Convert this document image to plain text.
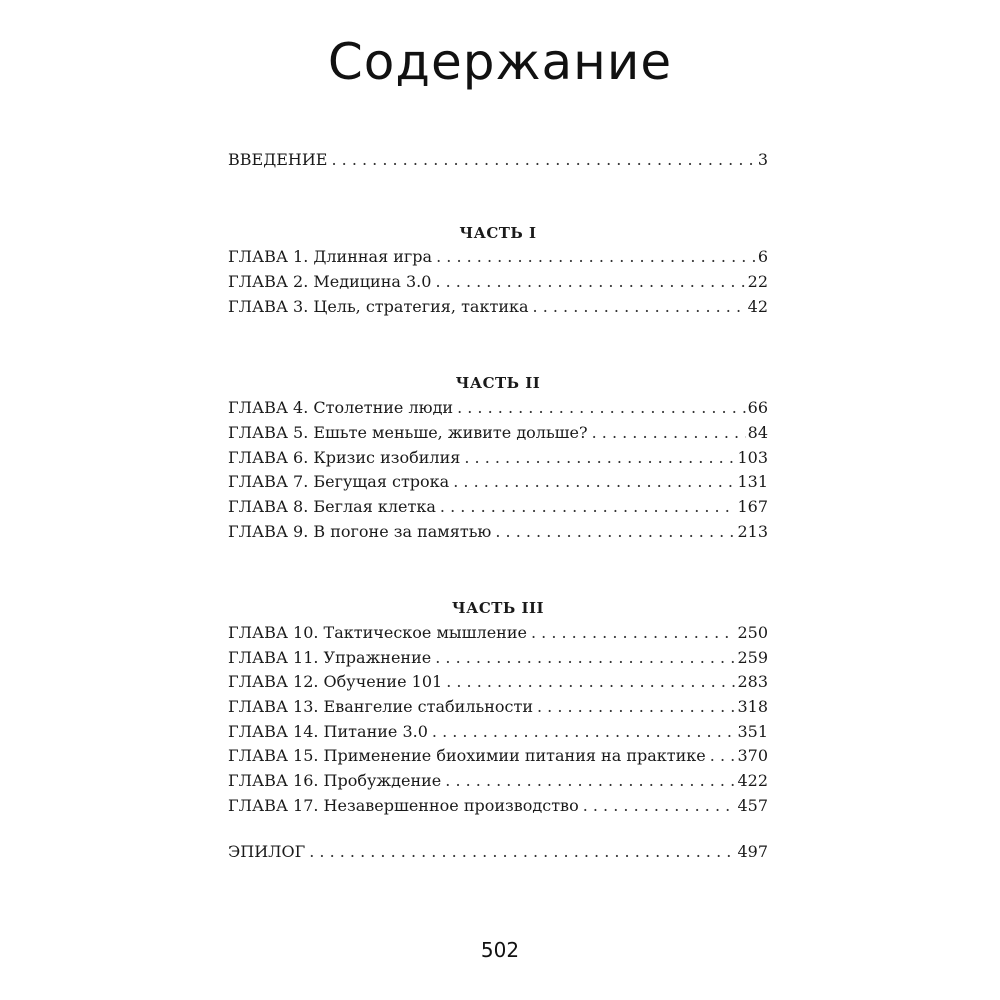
Содержание
ВВЕДЕНИЕ . . .	3
ЧАСТЬ I
ГЛАВА 1. Длинная игра . . .	6
ГЛАВА 2. Медицина 3.0 . . .	22
ГЛАВА 3. Цель, стратегия, тактика . . .	42
ЧАСТЬ II
ГЛАВА 4. Столетние люди . . .	66
ГЛАВА 5. Ешьте меньше, живите дольше? . . .	84
ГЛАВА 6. Кризис изобилия . . .	103
ГЛАВА 7. Бегущая строка . . .	131
ГЛАВА 8. Беглая клетка . . .	167
ГЛАВА 9. В погоне за памятью . . .	213
ЧАСТЬ III
ГЛАВА 10. Тактическое мышление . . .	250
ГЛАВА 11. Упражнение . . .	259
ГЛАВА 12. Обучение 101 . . .	283
ГЛАВА 13. Евангелие стабильности . . .	318
ГЛАВА 14. Питание 3.0 . . .	351
ГЛАВА 15. Применение биохимии питания на практике . . . 370
ГЛАВА 16. Пробуждение . . .	422
ГЛАВА 17. Незавершенное производство . . .	457
ЭПИЛОГ . . .	497
502
